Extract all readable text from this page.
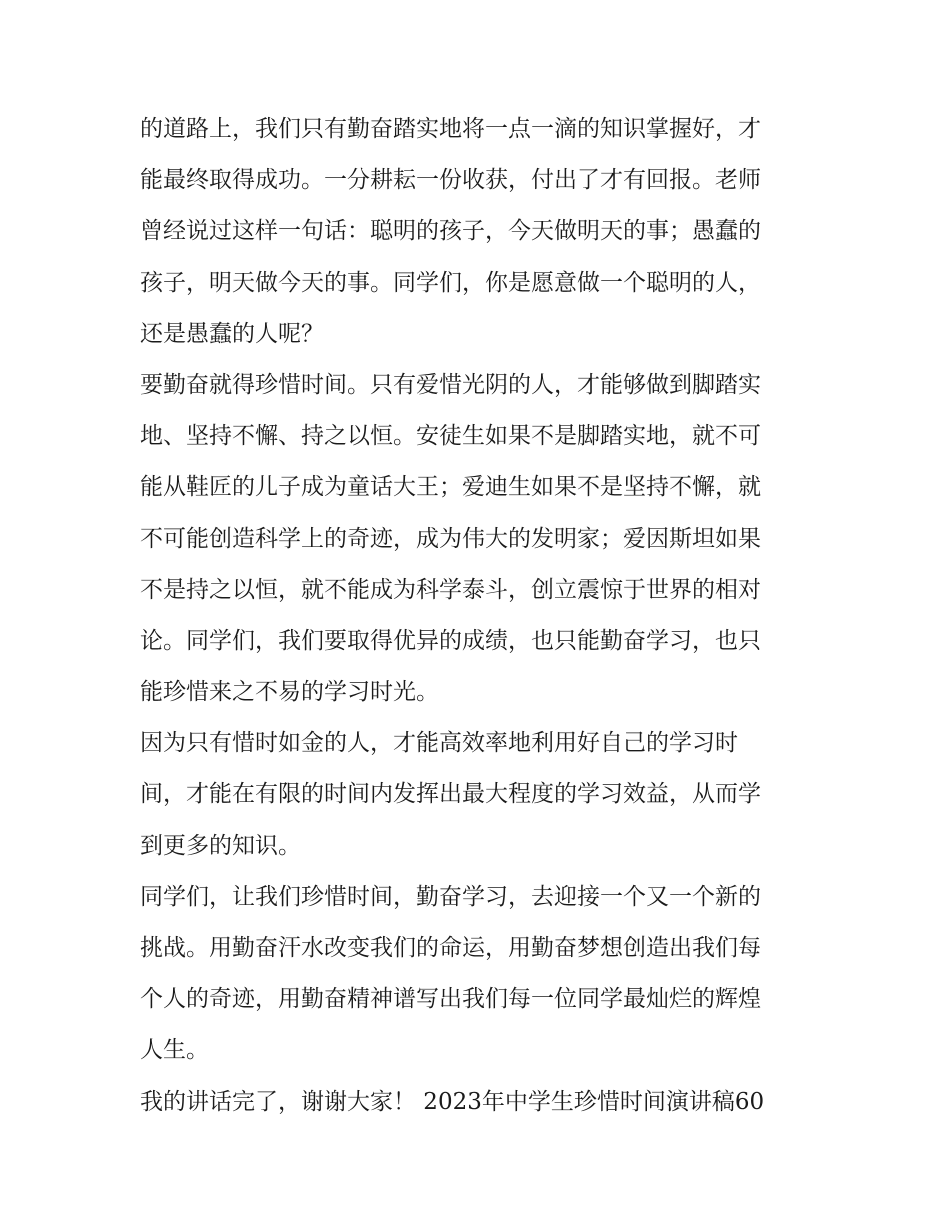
的道路上，我们只有勤奋踏实地将一点一滴的知识掌握好，才
能最终取得成功。一分耕耘一份收获，付出了才有回报。老师
曾经说过这样一句话：聪明的孩子，今天做明天的事；愚蠢的
孩子，明天做今天的事。同学们，你是愿意做一个聪明的人，
还是愚蠢的人呢？
要勤奋就得珍惜时间。只有爱惜光阴的人，才能够做到脚踏实
地、坚持不懈、持之以恒。安徒生如果不是脚踏实地，就不可
能从鞋匠的儿子成为童话大王；爱迪生如果不是坚持不懈，就
不可能创造科学上的奇迹，成为伟大的发明家；爱因斯坦如果
不是持之以恒，就不能成为科学泰斗，创立震惊于世界的相对
论。同学们，我们要取得优异的成绩，也只能勤奋学习，也只
能珍惜来之不易的学习时光。
因为只有惜时如金的人，才能高效率地利用好自己的学习时
间，才能在有限的时间内发挥出最大程度的学习效益，从而学
到更多的知识。
同学们，让我们珍惜时间，勤奋学习，去迎接一个又一个新的
挑战。用勤奋汗水改变我们的命运，用勤奋梦想创造出我们每
个人的奇迹，用勤奋精神谱写出我们每一位同学最灿烂的辉煌
人生。
我的讲话完了，谢谢大家！ 2023年中学生珍惜时间演讲稿60
